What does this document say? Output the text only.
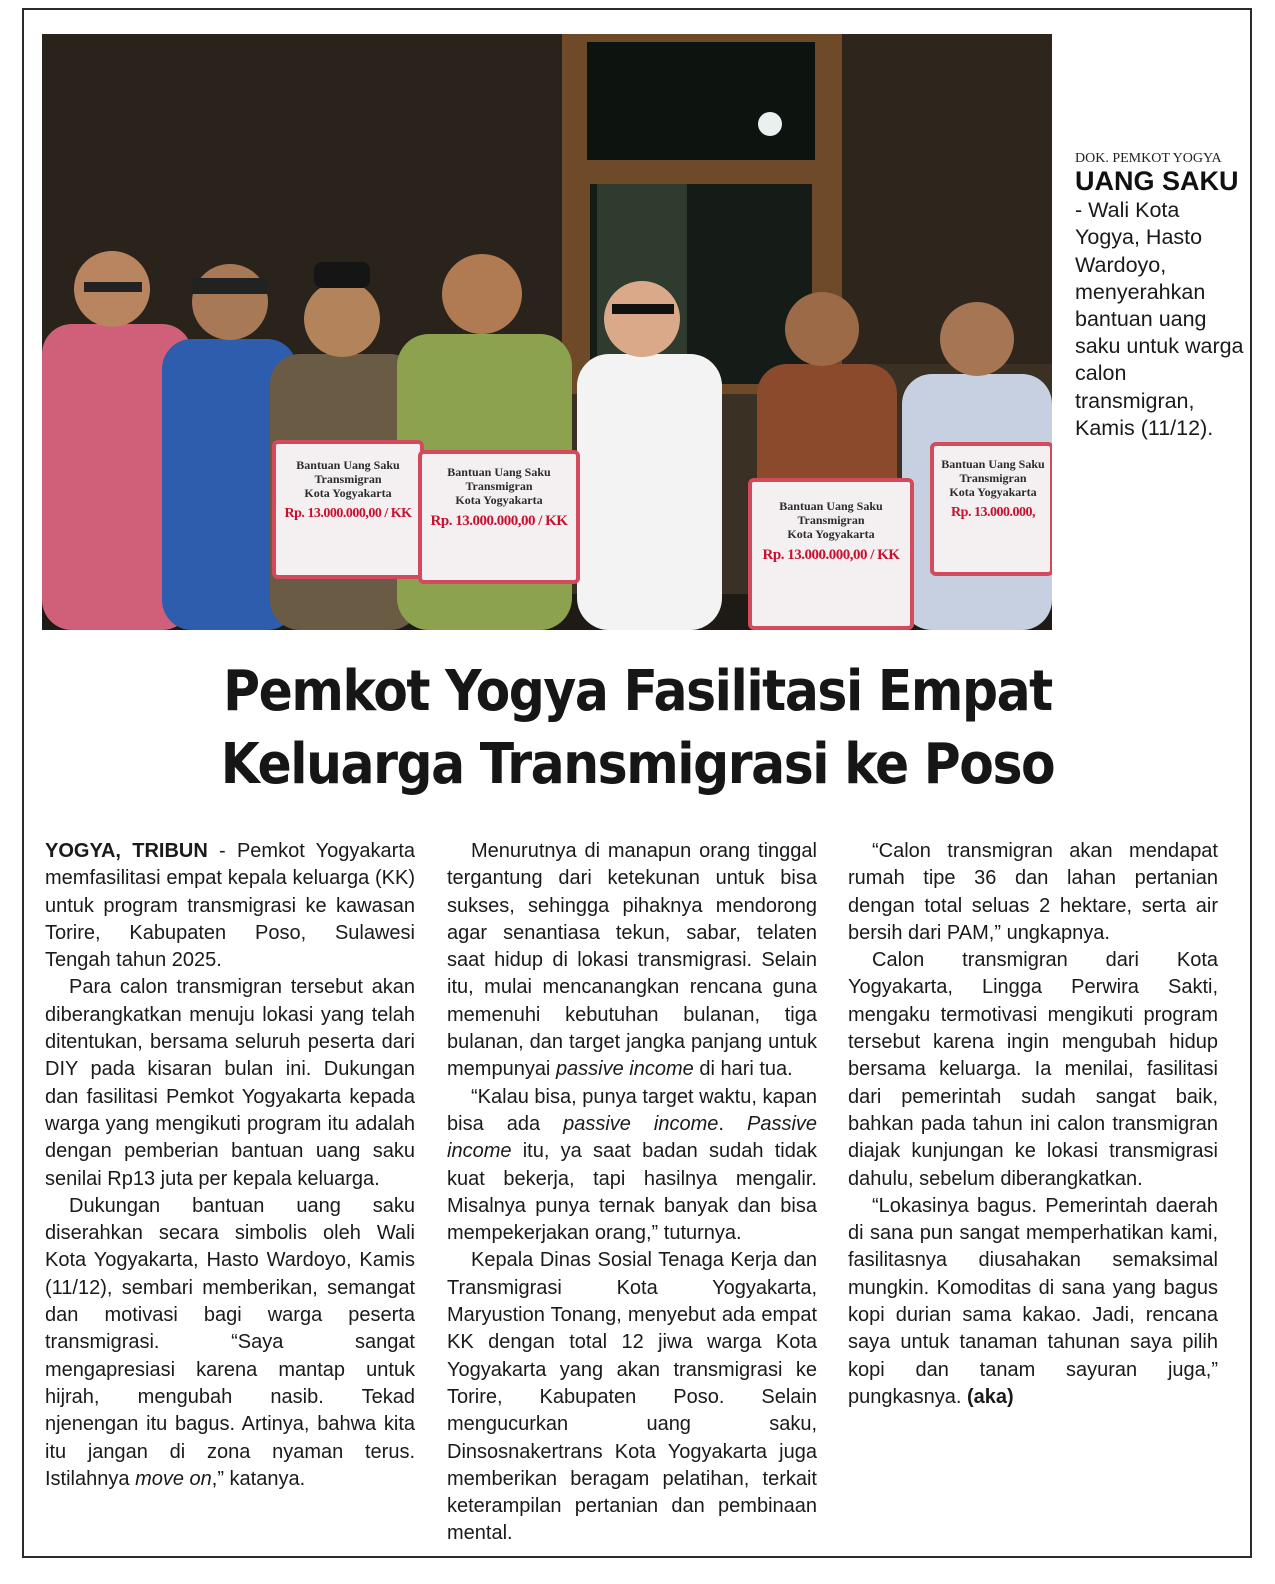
Bantuan Uang Saku
Transmigran
Kota Yogyakarta
Rp. 13.000.000,00 / KK
Bantuan Uang Saku
Transmigran
Kota Yogyakarta
Rp. 13.000.000,00 / KK
Bantuan Uang Saku
Transmigran
Kota Yogyakarta
Rp. 13.000.000,00 / KK
Bantuan Uang Saku
Transmigran
Kota Yogyakarta
Rp. 13.000.000,
DOK. PEMKOT YOGYA
UANG SAKU - Wali Kota Yogya, Hasto Wardoyo, menyerahkan bantuan uang saku untuk warga calon transmigran, Kamis (11/12).
Pemkot Yogya Fasilitasi Empat
Keluarga Transmigrasi ke Poso

YOGYA, TRIBUN - Pemkot Yogyakarta memfasilitasi empat kepala keluarga (KK) untuk program transmigrasi ke kawasan Torire, Kabupaten Poso, Sulawesi Tengah tahun 2025.

Para calon transmigran tersebut akan diberangkatkan menuju lokasi yang telah ditentukan, bersama seluruh peserta dari DIY pada kisaran bulan ini. Dukungan dan fasilitasi Pemkot Yogyakarta kepada warga yang mengikuti program itu adalah dengan pemberian bantuan uang saku senilai Rp13 juta per kepala keluarga.

Dukungan bantuan uang saku diserahkan secara simbolis oleh Wali Kota Yogyakarta, Hasto Wardoyo, Kamis (11/12), sembari memberikan, semangat dan motivasi bagi warga peserta transmigrasi. “Saya sangat mengapresiasi karena mantap untuk hijrah, mengubah nasib. Tekad njenengan itu bagus. Artinya, bahwa kita itu jangan di zona nyaman terus. Istilahnya move on,” katanya.

Menurutnya di manapun orang tinggal tergantung dari ketekunan untuk bisa sukses, sehingga pihaknya mendorong agar senantiasa tekun, sabar, telaten saat hidup di lokasi transmigrasi. Selain itu, mulai mencanangkan rencana guna memenuhi kebutuhan bulanan, tiga bulanan, dan target jangka panjang untuk mempunyai passive income di hari tua.

“Kalau bisa, punya target waktu, kapan bisa ada passive income. Passive income itu, ya saat badan sudah tidak kuat bekerja, tapi hasilnya mengalir. Misalnya punya ternak banyak dan bisa mempekerjakan orang,” tuturnya.

Kepala Dinas Sosial Tenaga Kerja dan Transmigrasi Kota Yogyakarta, Maryustion Tonang, menyebut ada empat KK dengan total 12 jiwa warga Kota Yogyakarta yang akan transmigrasi ke Torire, Kabupaten Poso. Selain mengucurkan uang saku, Dinsosnakertrans Kota Yogyakarta juga memberikan beragam pelatihan, terkait keterampilan pertanian dan pembinaan mental.

“Calon transmigran akan mendapat rumah tipe 36 dan lahan pertanian dengan total seluas 2 hektare, serta air bersih dari PAM,” ungkapnya.

Calon transmigran dari Kota Yogyakarta, Lingga Perwira Sakti, mengaku termotivasi mengikuti program tersebut karena ingin mengubah hidup bersama keluarga. Ia menilai, fasilitasi dari pemerintah sudah sangat baik, bahkan pada tahun ini calon transmigran diajak kunjungan ke lokasi transmigrasi dahulu, sebelum diberangkatkan.

“Lokasinya bagus. Pemerintah daerah di sana pun sangat memperhatikan kami, fasilitasnya diusahakan semaksimal mungkin. Komoditas di sana yang bagus kopi durian sama kakao. Jadi, rencana saya untuk tanaman tahunan saya pilih kopi dan tanam sayuran juga,” pungkasnya. (aka)
